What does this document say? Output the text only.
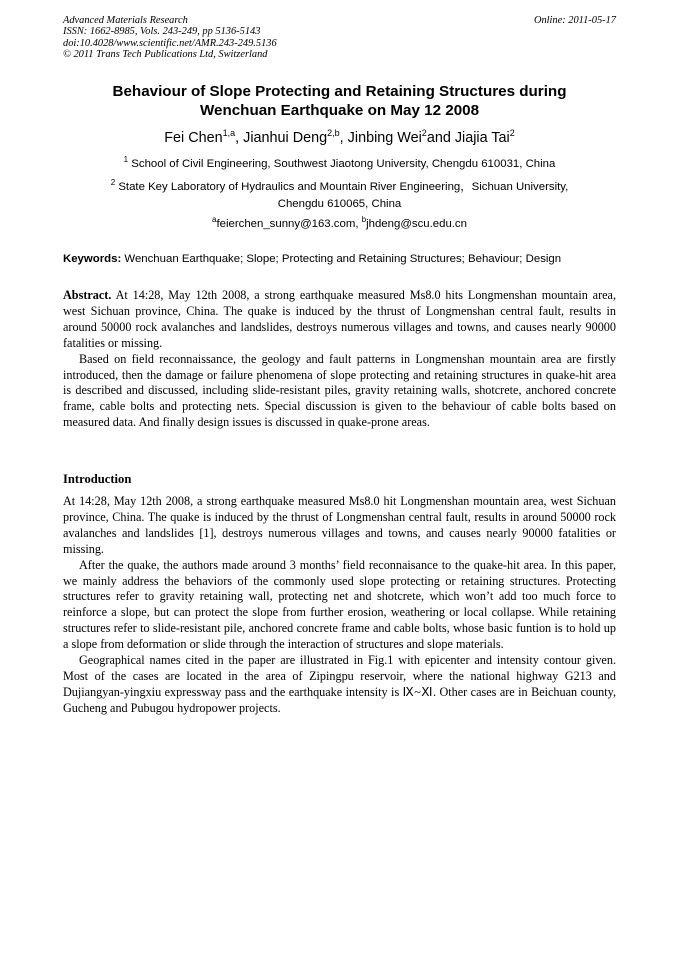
Advanced Materials Research
ISSN: 1662-8985, Vols. 243-249, pp 5136-5143
doi:10.4028/www.scientific.net/AMR.243-249.5136
© 2011 Trans Tech Publications Ltd, Switzerland
Online: 2011-05-17
Behaviour of Slope Protecting and Retaining Structures during
Wenchuan Earthquake on May 12 2008
Fei Chen$^{1,a}$, Jianhui Deng$^{2,b}$, Jinbing Wei$^2$and Jiajia Tai$^2$
$^1$ School of Civil Engineering, Southwest Jiaotong University, Chengdu 610031, China
$^2$ State Key Laboratory of Hydraulics and Mountain River Engineering，Sichuan University,
Chengdu 610065, China
$^a$feierchen_sunny@163.com, $^b$jhdeng@scu.edu.cn
Keywords: Wenchuan Earthquake; Slope; Protecting and Retaining Structures; Behaviour; Design

Abstract. At 14:28, May 12th 2008, a strong earthquake measured Ms8.0 hits Longmenshan mountain area, west Sichuan province, China. The quake is induced by the thrust of Longmenshan central fault, results in around 50000 rock avalanches and landslides, destroys numerous villages and towns, and causes nearly 90000 fatalities or missing.

Based on field reconnaissance, the geology and fault patterns in Longmenshan mountain area are firstly introduced, then the damage or failure phenomena of slope protecting and retaining structures in quake-hit area is described and discussed, including slide-resistant piles, gravity retaining walls, shotcrete, anchored concrete frame, cable bolts and protecting nets. Special discussion is given to the behaviour of cable bolts based on measured data. And finally design issues is discussed in quake-prone areas.

Introduction

At 14:28, May 12th 2008, a strong earthquake measured Ms8.0 hit Longmenshan mountain area, west Sichuan province, China. The quake is induced by the thrust of Longmenshan central fault, results in around 50000 rock avalanches and landslides [1], destroys numerous villages and towns, and causes nearly 90000 fatalities or missing.

After the quake, the authors made around 3 months’ field reconnaisance to the quake-hit area. In this paper, we mainly address the behaviors of the commonly used slope protecting or retaining structures. Protecting structures refer to gravity retaining wall, protecting net and shotcrete, which won’t add too much force to reinforce a slope, but can protect the slope from further erosion, weathering or local collapse. While retaining structures refer to slide-resistant pile, anchored concrete frame and cable bolts, whose basic funtion is to hold up a slope from deformation or slide through the interaction of structures and slope materials.

Geographical names cited in the paper are illustrated in Fig.1 with epicenter and intensity contour given. Most of the cases are located in the area of Zipingpu reservoir, where the national highway G213 and Dujiangyan-yingxiu expressway pass and the earthquake intensity is Ⅸ~Ⅺ. Other cases are in Beichuan county, Gucheng and Pubugou hydropower projects.
